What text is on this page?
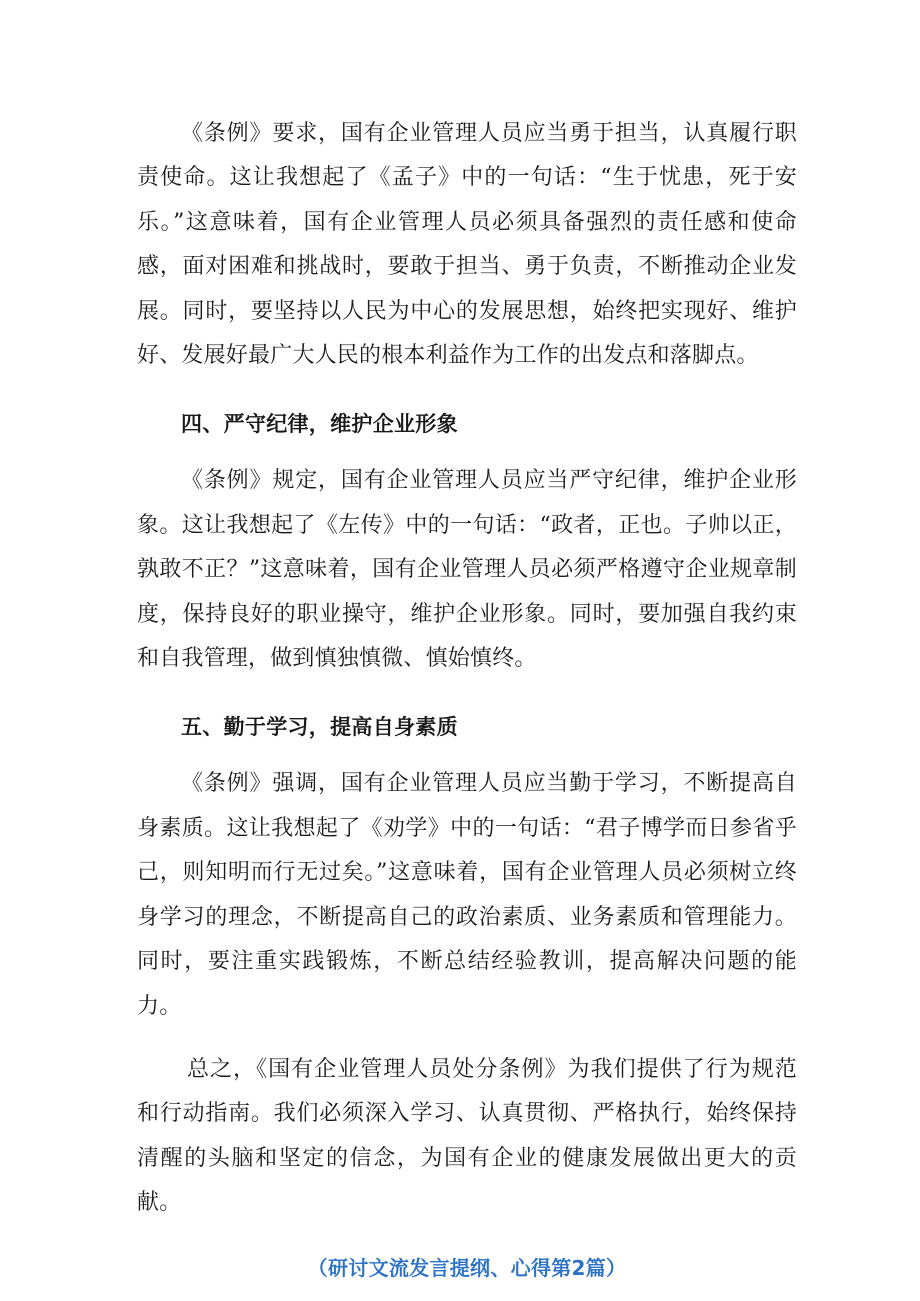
《条例》要求，国有企业管理人员应当勇于担当，认真履行职责使命。这让我想起了《孟子》中的一句话：“生于忧患，死于安乐。”这意味着，国有企业管理人员必须具备强烈的责任感和使命感，面对困难和挑战时，要敢于担当、勇于负责，不断推动企业发展。同时，要坚持以人民为中心的发展思想，始终把实现好、维护好、发展好最广大人民的根本利益作为工作的出发点和落脚点。

四、严守纪律，维护企业形象

《条例》规定，国有企业管理人员应当严守纪律，维护企业形象。这让我想起了《左传》中的一句话：“政者，正也。子帅以正，孰敢不正？”这意味着，国有企业管理人员必须严格遵守企业规章制度，保持良好的职业操守，维护企业形象。同时，要加强自我约束和自我管理，做到慎独慎微、慎始慎终。

五、勤于学习，提高自身素质

《条例》强调，国有企业管理人员应当勤于学习，不断提高自身素质。这让我想起了《劝学》中的一句话：“君子博学而日参省乎己，则知明而行无过矣。”这意味着，国有企业管理人员必须树立终身学习的理念，不断提高自己的政治素质、业务素质和管理能力。同时，要注重实践锻炼，不断总结经验教训，提高解决问题的能力。

总之，《国有企业管理人员处分条例》为我们提供了行为规范和行动指南。我们必须深入学习、认真贯彻、严格执行，始终保持清醒的头脑和坚定的信念，为国有企业的健康发展做出更大的贡献。

（研讨文流发言提纲、心得第2篇）
